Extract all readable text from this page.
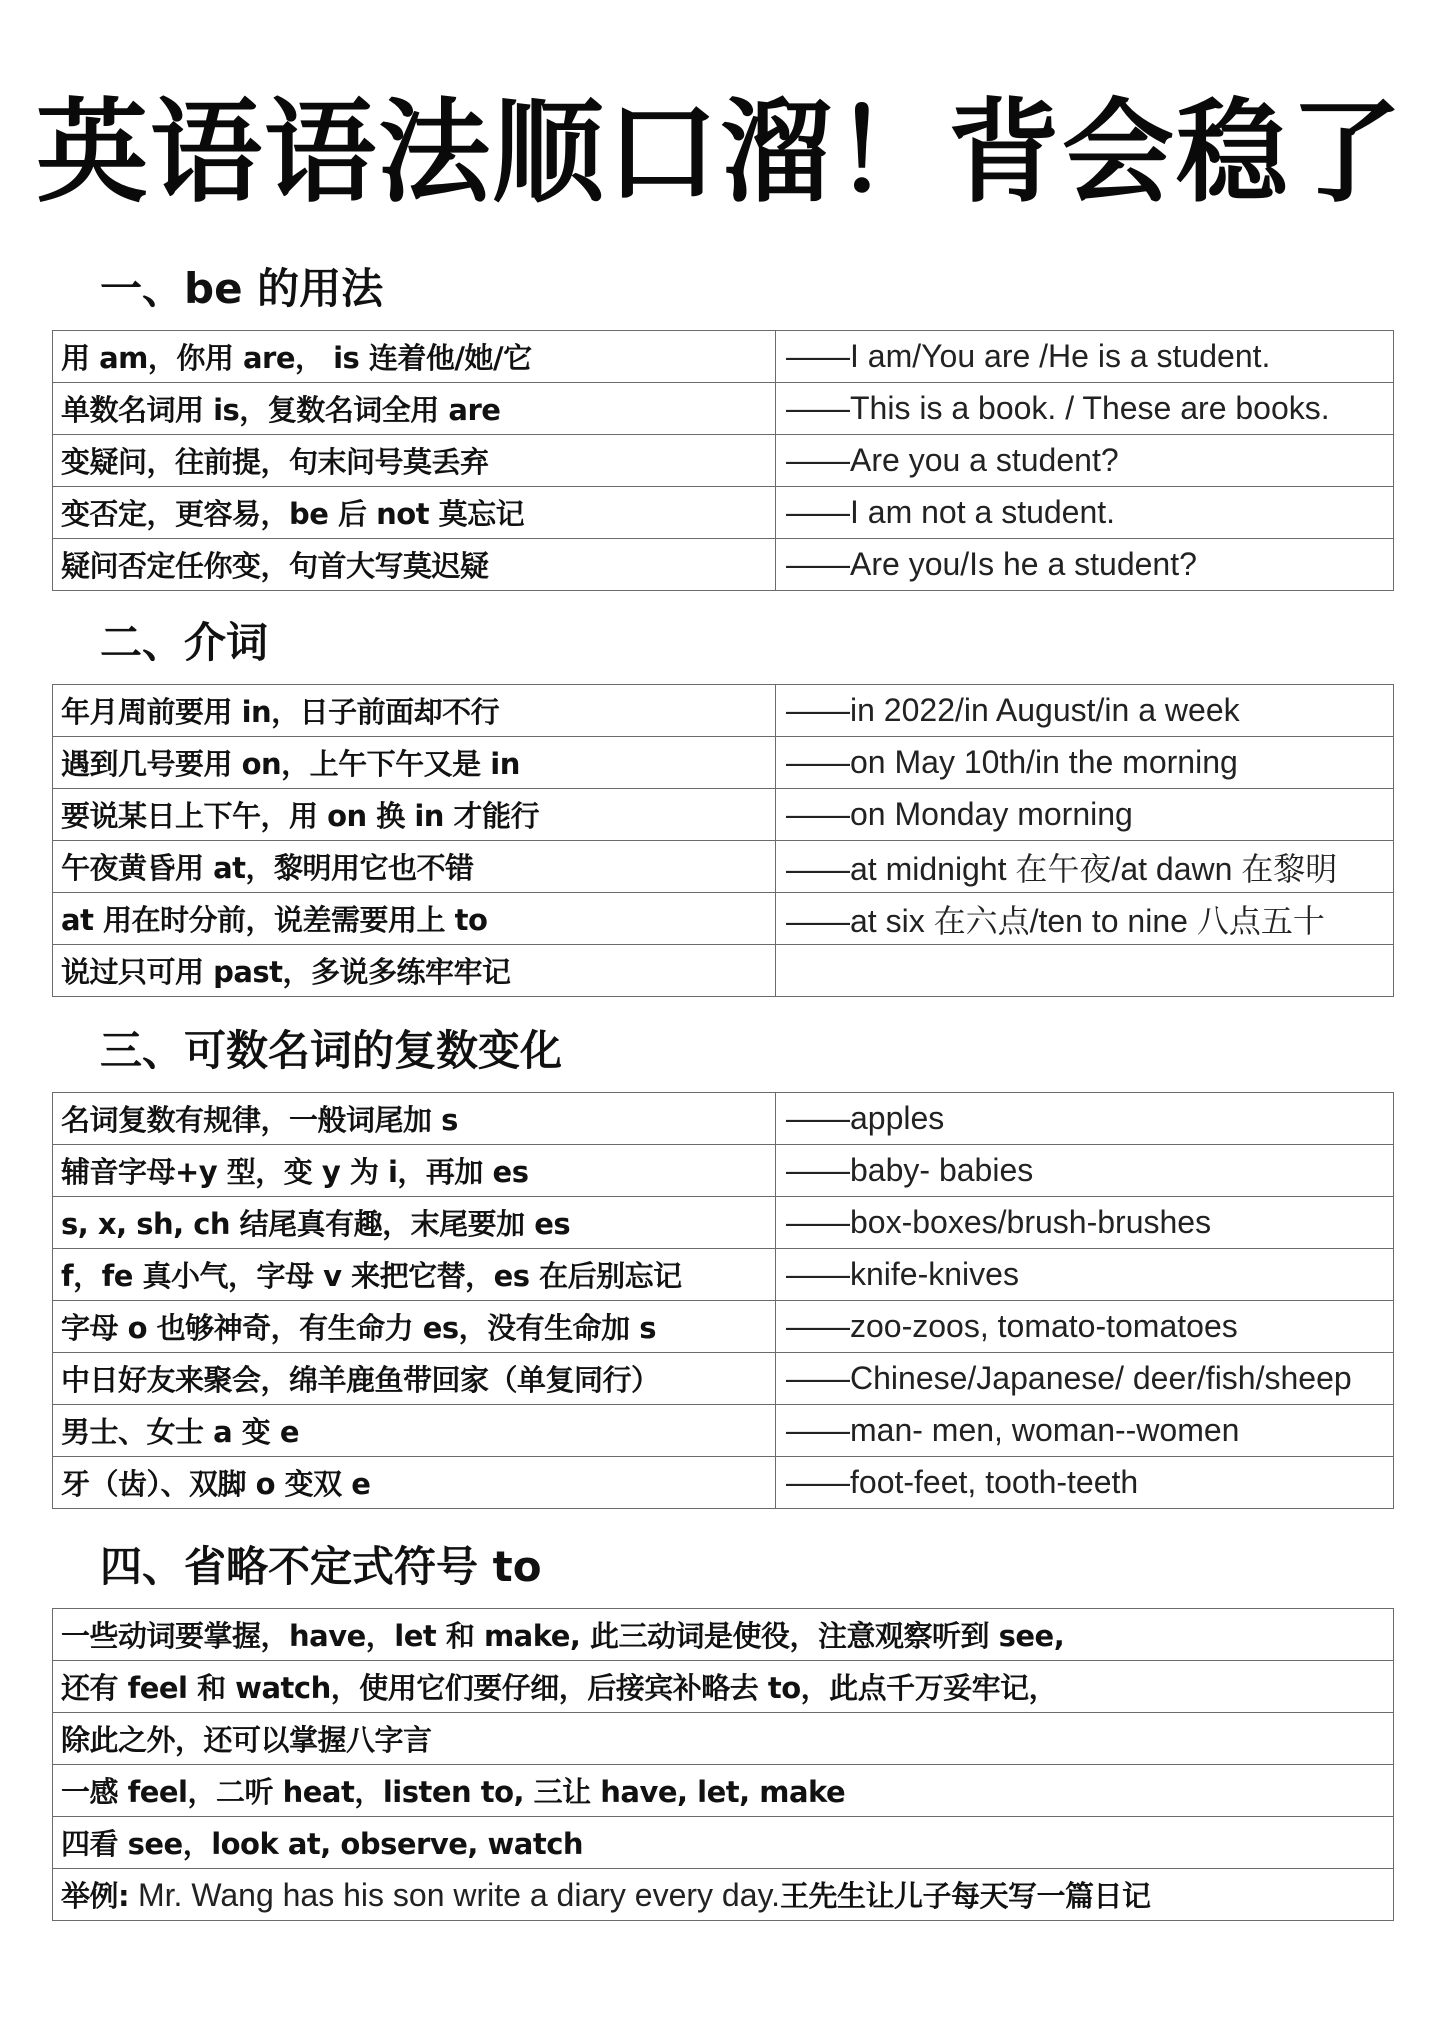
英语语法顺口溜！背会稳了
一、be 的用法
用 am，你用 are， is 连着他/她/它	——I am/You are /He is a student.
单数名词用 is，复数名词全用 are	——This is a book. / These are books.
变疑问，往前提，句末问号莫丢弃	——Are you a student?
变否定，更容易，be 后 not 莫忘记	——I am not a student.
疑问否定任你变，句首大写莫迟疑	——Are you/Is he a student?
二、介词
年月周前要用 in，日子前面却不行	——in 2022/in August/in a week
遇到几号要用 on，上午下午又是 in	——on May 10th/in the morning
要说某日上下午，用 on 换 in 才能行	——on Monday morning
午夜黄昏用 at，黎明用它也不错	——at midnight 在午夜/at dawn 在黎明
at 用在时分前，说差需要用上 to	——at six 在六点/ten to nine 八点五十
说过只可用 past，多说多练牢牢记	
三、可数名词的复数变化
名词复数有规律，一般词尾加 s	——apples
辅音字母+y 型，变 y 为 i，再加 es	——baby- babies
s, x, sh, ch 结尾真有趣，末尾要加 es	——box-boxes/brush-brushes
f，fe 真小气，字母 v 来把它替，es 在后别忘记	——knife-knives
字母 o 也够神奇，有生命力 es，没有生命加 s	——zoo-zoos, tomato-tomatoes
中日好友来聚会，绵羊鹿鱼带回家（单复同行）	——Chinese/Japanese/ deer/fish/sheep
男士、女士 a 变 e	——man- men, woman--women
牙（齿）、双脚 o 变双 e	——foot-feet, tooth-teeth
四、省略不定式符号 to
一些动词要掌握，have，let 和 make, 此三动词是使役，注意观察听到 see,
还有 feel 和 watch，使用它们要仔细，后接宾补略去 to，此点千万妥牢记，
除此之外，还可以掌握八字言
一感 feel，二听 heat，listen to, 三让 have, let, make
四看 see，look at, observe, watch
举例: Mr. Wang has his son write a diary every day.王先生让儿子每天写一篇日记
